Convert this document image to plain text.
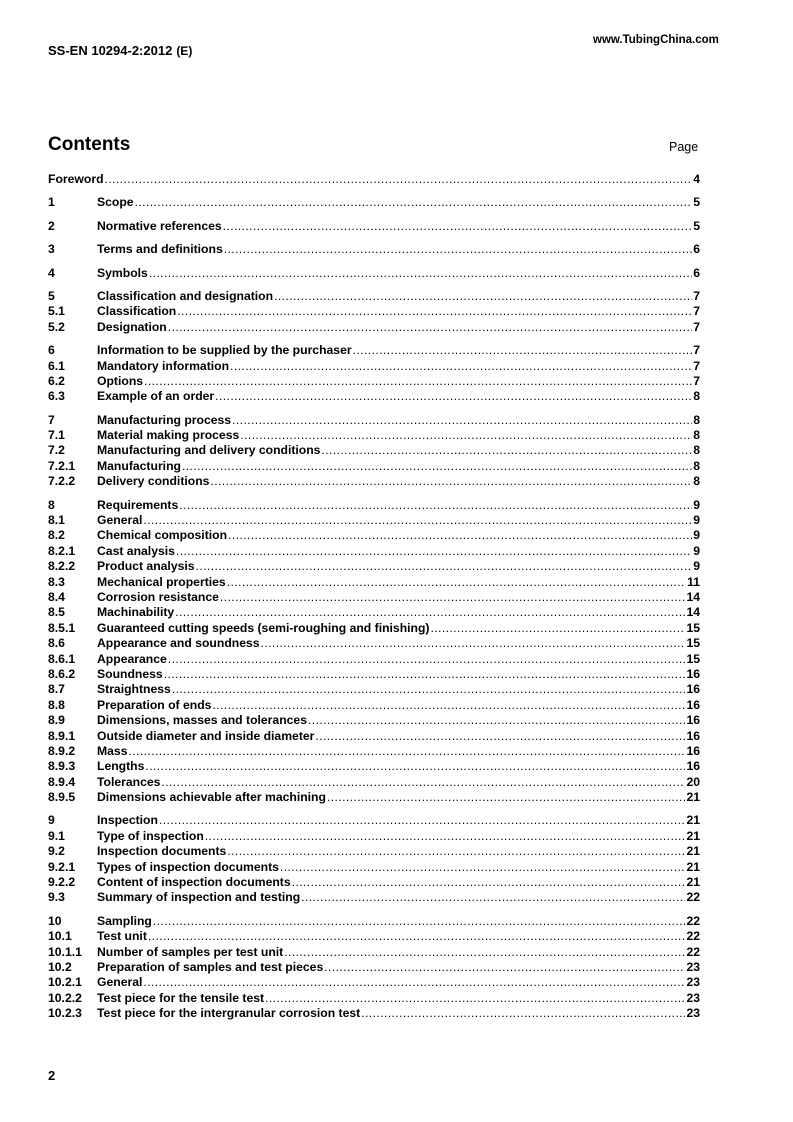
SS-EN 10294-2:2012 (E)
www.TubingChina.com
Contents	Page
Foreword .....	4
1	Scope .....	5
2	Normative references .....	5
3	Terms and definitions .....	6
4	Symbols .....	6
5	Classification and designation .....	7
5.1	Classification .....	7
5.2	Designation .....	7
6	Information to be supplied by the purchaser .....	7
6.1	Mandatory information .....	7
6.2	Options .....	7
6.3	Example of an order .....	8
7	Manufacturing process .....	8
7.1	Material making process .....	8
7.2	Manufacturing and delivery conditions .....	8
7.2.1 Manufacturing .....	8
7.2.2 Delivery conditions .....	8
8	Requirements .....	9
8.1	General .....	9
8.2	Chemical composition .....	9
8.2.1 Cast analysis .....	9
8.2.2 Product analysis .....	9
8.3	Mechanical properties .....	11
8.4	Corrosion resistance .....	14
8.5	Machinability .....	14
8.5.1 Guaranteed cutting speeds (semi-roughing and finishing) .....	15
8.6	Appearance and soundness .....	15
8.6.1 Appearance .....	15
8.6.2 Soundness .....	16
8.7	Straightness .....	16
8.8	Preparation of ends .....	16
8.9	Dimensions, masses and tolerances .....	16
8.9.1 Outside diameter and inside diameter .....	16
8.9.2 Mass .....	16
8.9.3 Lengths .....	16
8.9.4 Tolerances .....	20
8.9.5 Dimensions achievable after machining .....	21
9	Inspection .....	21
9.1	Type of inspection .....	21
9.2	Inspection documents .....	21
9.2.1 Types of inspection documents .....	21
9.2.2 Content of inspection documents .....	21
9.3	Summary of inspection and testing .....	22
10	Sampling .....	22
10.1 Test unit .....	22
10.1.1 Number of samples per test unit .....	22
10.2 Preparation of samples and test pieces .....	23
10.2.1 General .....	23
10.2.2 Test piece for the tensile test .....	23
10.2.3 Test piece for the intergranular corrosion test .....	23
2
